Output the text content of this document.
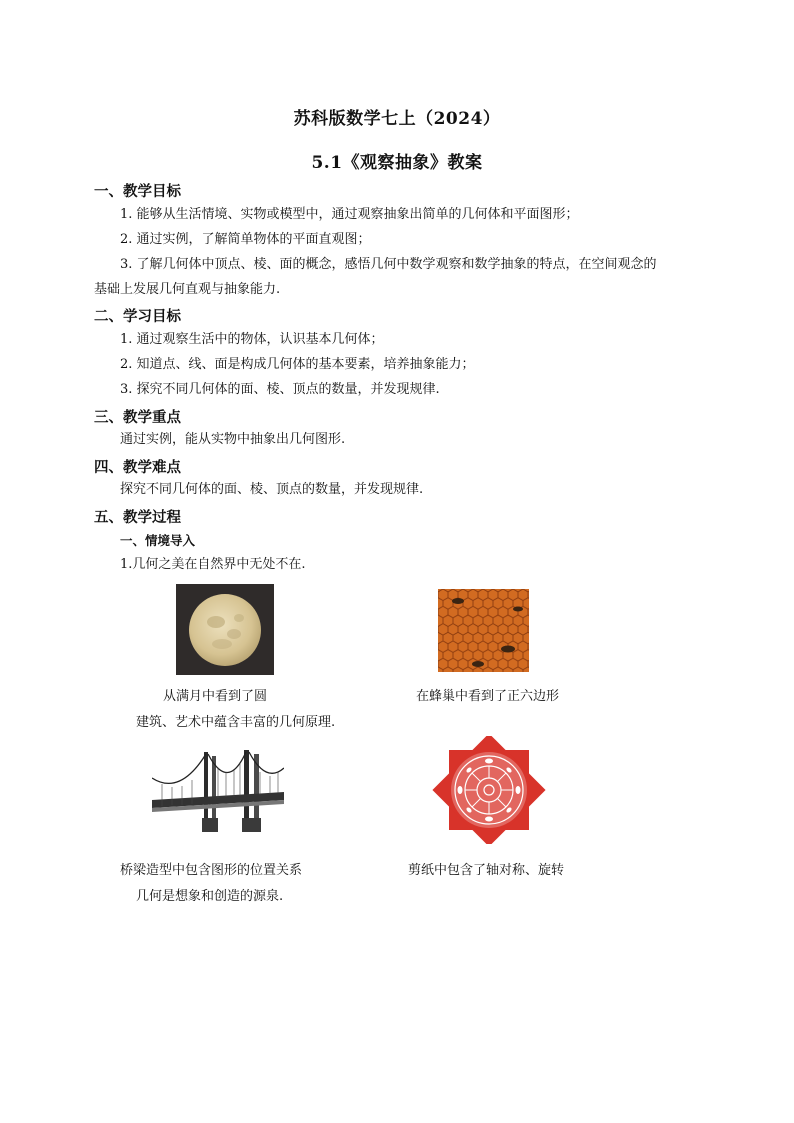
苏科版数学七上（2024）
5.1《观察抽象》教案
一、教学目标
1. 能够从生活情境、实物或模型中，通过观察抽象出简单的几何体和平面图形；
2. 通过实例，了解简单物体的平面直观图；
3. 了解几何体中顶点、棱、面的概念，感悟几何中数学观察和数学抽象的特点，在空间观念的
基础上发展几何直观与抽象能力.
二、学习目标
1. 通过观察生活中的物体，认识基本几何体；
2. 知道点、线、面是构成几何体的基本要素，培养抽象能力；
3. 探究不同几何体的面、棱、顶点的数量，并发现规律.
三、教学重点
通过实例，能从实物中抽象出几何图形.
四、教学难点
探究不同几何体的面、棱、顶点的数量，并发现规律.
五、教学过程
一、情境导入
1.几何之美在自然界中无处不在.
从满月中看到了圆	在蜂巢中看到了正六边形
建筑、艺术中蕴含丰富的几何原理.
桥梁造型中包含图形的位置关系	剪纸中包含了轴对称、旋转
几何是想象和创造的源泉.
